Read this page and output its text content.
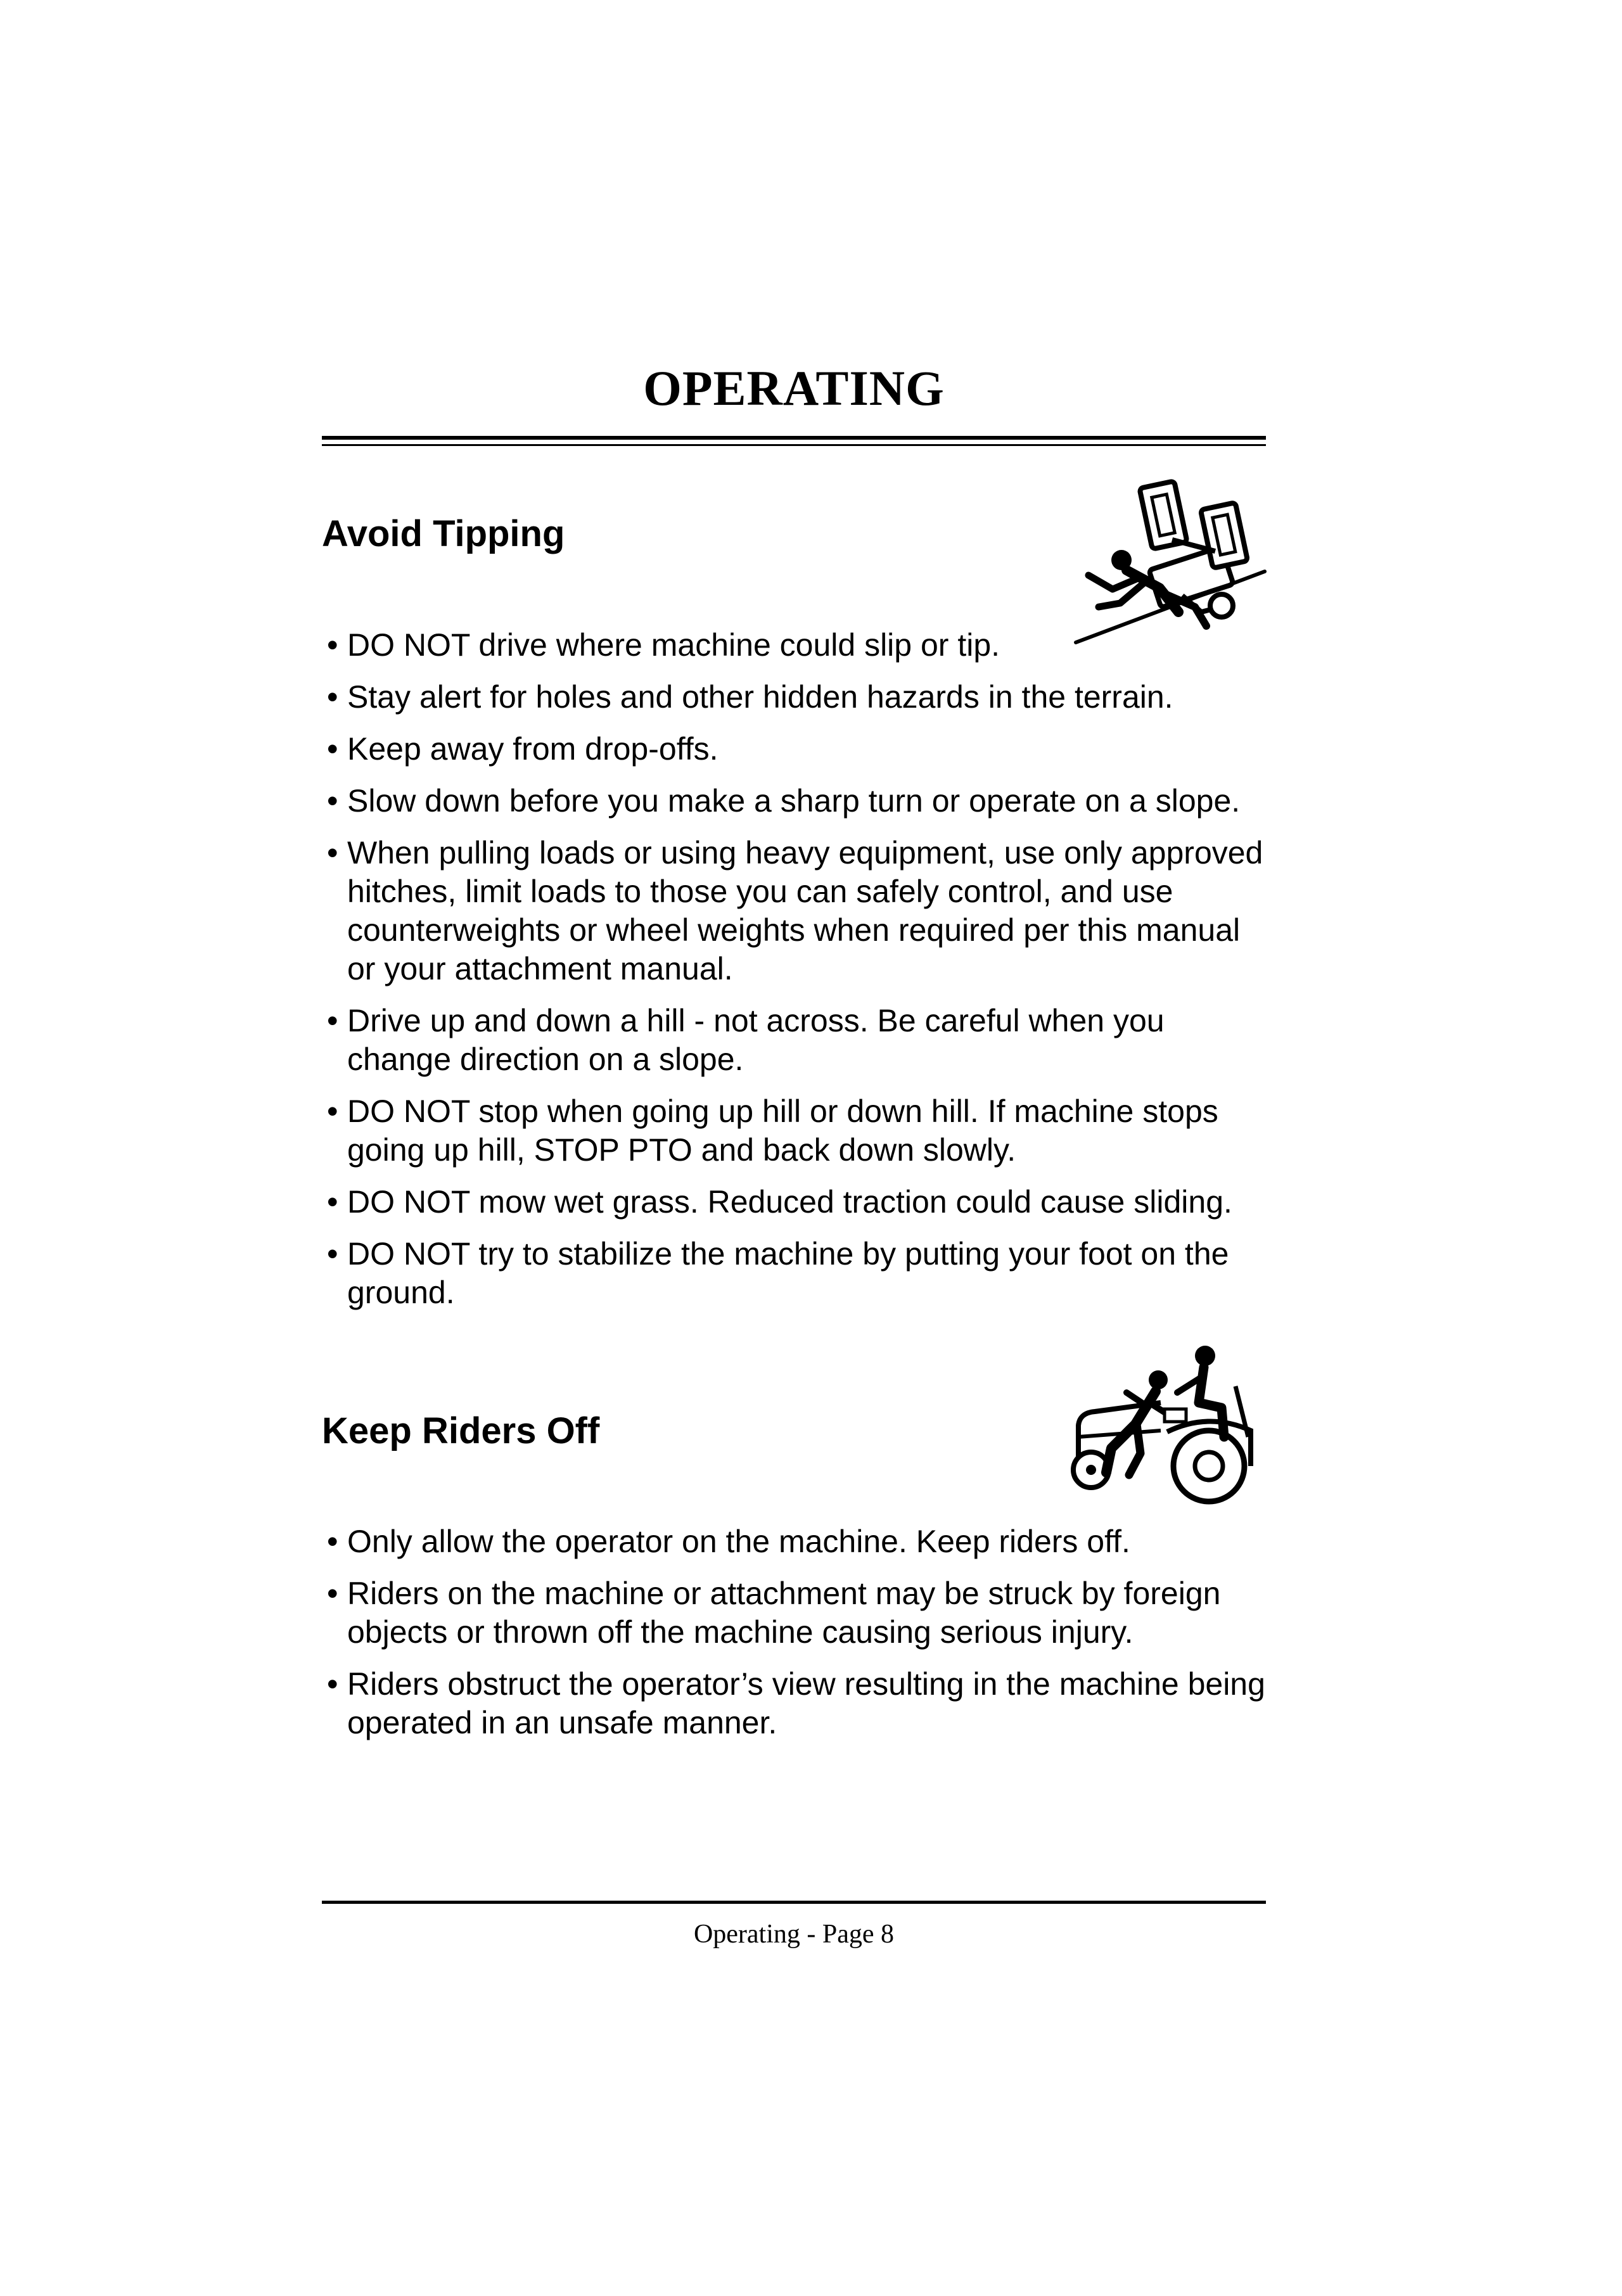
OPERATING
Avoid Tipping
• DO NOT drive where machine could slip or tip.
• Stay alert for holes and other hidden hazards in the terrain.
• Keep away from drop-offs.
• Slow down before you make a sharp turn or operate on a slope.
• When pulling loads or using heavy equipment, use only approved hitches, limit loads to those you can safely control, and use counterweights or wheel weights when required per this manual or your attachment manual.
• Drive up and down a hill - not across. Be careful when you change direction on a slope.
• DO NOT stop when going up hill or down hill. If machine stops going up hill, STOP PTO and back down slowly.
• DO NOT mow wet grass. Reduced traction could cause sliding.
• DO NOT try to stabilize the machine by putting your foot on the ground.
Keep Riders Off
• Only allow the operator on the machine. Keep riders off.
• Riders on the machine or attachment may be struck by foreign objects or thrown off the machine causing serious injury.
• Riders obstruct the operator’s view resulting in the machine being operated in an unsafe manner.
Operating - Page 8
